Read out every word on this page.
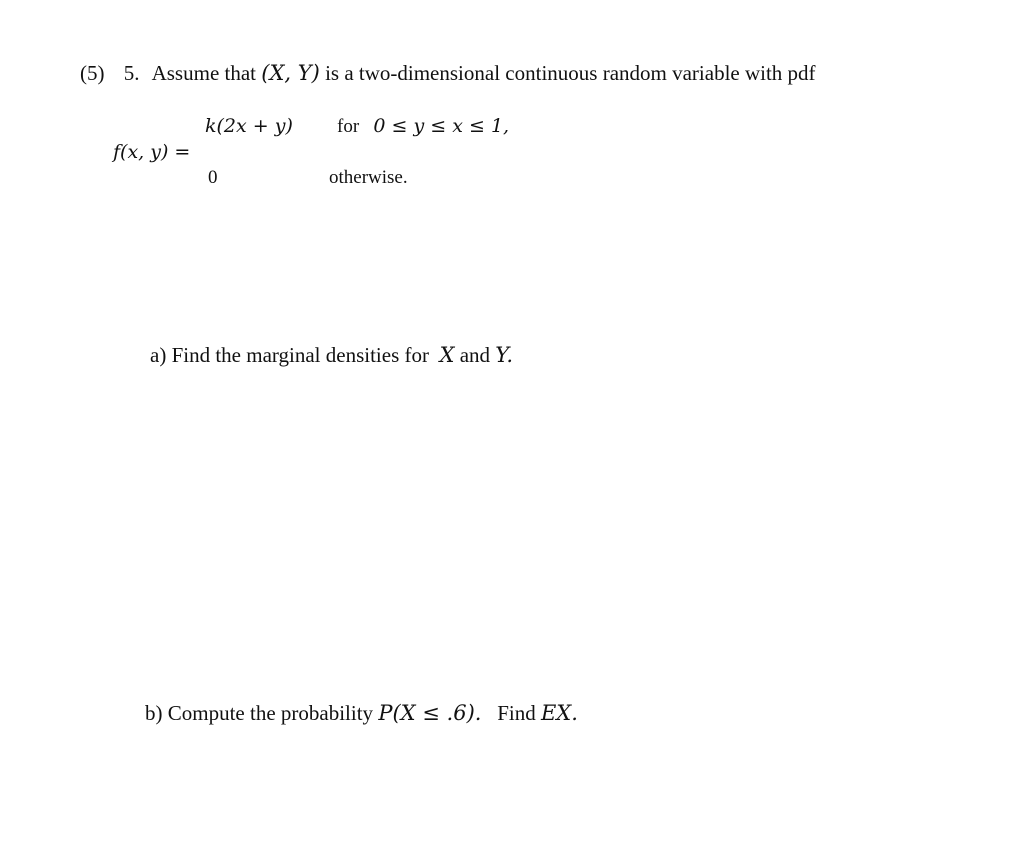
(5) 5. Assume that (X, Y) is a two-dimensional continuous random variable with pdf
f(x, y) =
k(2x + y) for 0 ≤ y ≤ x ≤ 1,
0	otherwise.
a) Find the marginal densities for X and Y.
b) Compute the probability P(X ≤ .6). Find EX.
